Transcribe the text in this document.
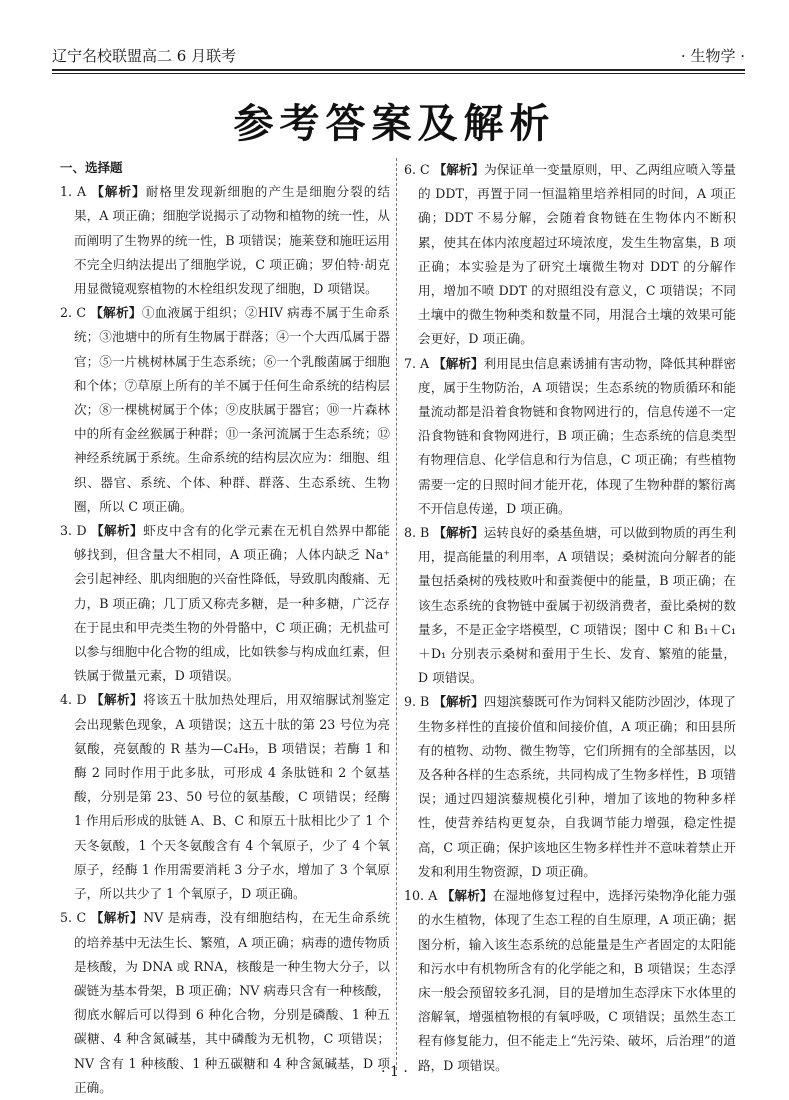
辽宁名校联盟高二 6 月联考	· 生物学 ·
参考答案及解析
一、选择题
1. A 【解析】耐格里发现新细胞的产生是细胞分裂的结果，A 项正确；细胞学说揭示了动物和植物的统一性，从而阐明了生物界的统一性，B 项错误；施莱登和施旺运用不完全归纳法提出了细胞学说，C 项正确；罗伯特·胡克用显微镜观察植物的木栓组织发现了细胞，D 项错误。
2. C 【解析】①血液属于组织；②HIV 病毒不属于生命系统；③池塘中的所有生物属于群落；④一个大西瓜属于器官；⑤一片桃树林属于生态系统；⑥一个乳酸菌属于细胞和个体；⑦草原上所有的羊不属于任何生命系统的结构层次；⑧一棵桃树属于个体；⑨皮肤属于器官；⑩一片森林中的所有金丝猴属于种群；⑪一条河流属于生态系统；⑫神经系统属于系统。生命系统的结构层次应为：细胞、组织、器官、系统、个体、种群、群落、生态系统、生物圈，所以 C 项正确。
3. D 【解析】虾皮中含有的化学元素在无机自然界中都能够找到，但含量大不相同，A 项正确；人体内缺乏 Na⁺ 会引起神经、肌肉细胞的兴奋性降低，导致肌肉酸痛、无力，B 项正确；几丁质又称壳多糖，是一种多糖，广泛存在于昆虫和甲壳类生物的外骨骼中，C 项正确；无机盐可以参与细胞中化合物的组成，比如铁参与构成血红素，但铁属于微量元素，D 项错误。
4. D 【解析】将该五十肽加热处理后，用双缩脲试剂鉴定会出现紫色现象，A 项错误；这五十肽的第 23 号位为亮氨酸，亮氨酸的 R 基为—C₄H₉，B 项错误；若酶 1 和酶 2 同时作用于此多肽，可形成 4 条肽链和 2 个氨基酸，分别是第 23、50 号位的氨基酸，C 项错误；经酶 1 作用后形成的肽链 A、B、C 和原五十肽相比少了 1 个天冬氨酸，1 个天冬氨酸含有 4 个氧原子，少了 4 个氧原子，经酶 1 作用需要消耗 3 分子水，增加了 3 个氧原子，所以共少了 1 个氧原子，D 项正确。
5. C 【解析】NV 是病毒，没有细胞结构，在无生命系统的培养基中无法生长、繁殖，A 项正确；病毒的遗传物质是核酸，为 DNA 或 RNA，核酸是一种生物大分子，以碳链为基本骨架，B 项正确；NV 病毒只含有一种核酸，彻底水解后可以得到 6 种化合物，分别是磷酸、1 种五碳糖、4 种含氮碱基，其中磷酸为无机物，C 项错误；NV 含有 1 种核酸、1 种五碳糖和 4 种含氮碱基，D 项正确。
6. C 【解析】为保证单一变量原则，甲、乙两组应喷入等量的 DDT，再置于同一恒温箱里培养相同的时间，A 项正确；DDT 不易分解，会随着食物链在生物体内不断积累，使其在体内浓度超过环境浓度，发生生物富集，B 项正确；本实验是为了研究土壤微生物对 DDT 的分解作用，增加不喷 DDT 的对照组没有意义，C 项错误；不同土壤中的微生物种类和数量不同，用混合土壤的效果可能会更好，D 项正确。
7. A 【解析】利用昆虫信息素诱捕有害动物，降低其种群密度，属于生物防治，A 项错误；生态系统的物质循环和能量流动都是沿着食物链和食物网进行的，信息传递不一定沿食物链和食物网进行，B 项正确；生态系统的信息类型有物理信息、化学信息和行为信息，C 项正确；有些植物需要一定的日照时间才能开花，体现了生物种群的繁衍离不开信息传递，D 项正确。
8. B 【解析】运转良好的桑基鱼塘，可以做到物质的再生利用，提高能量的利用率，A 项错误；桑树流向分解者的能量包括桑树的残枝败叶和蚕粪便中的能量，B 项正确；在该生态系统的食物链中蚕属于初级消费者，蚕比桑树的数量多，不是正金字塔模型，C 项错误；图中 C 和 B₁＋C₁＋D₁ 分别表示桑树和蚕用于生长、发育、繁殖的能量，D 项错误。
9. B 【解析】四翅滨藜既可作为饲料又能防沙固沙，体现了生物多样性的直接价值和间接价值，A 项正确；和田县所有的植物、动物、微生物等，它们所拥有的全部基因，以及各种各样的生态系统，共同构成了生物多样性，B 项错误；通过四翅滨藜规模化引种，增加了该地的物种多样性，使营养结构更复杂，自我调节能力增强，稳定性提高，C 项正确；保护该地区生物多样性并不意味着禁止开发和利用生物资源，D 项正确。
10. A 【解析】在湿地修复过程中，选择污染物净化能力强的水生植物，体现了生态工程的自生原理，A 项正确；据图分析，输入该生态系统的总能量是生产者固定的太阳能和污水中有机物所含有的化学能之和，B 项错误；生态浮床一般会预留较多孔洞，目的是增加生态浮床下水体里的溶解氧，增强植物根的有氧呼吸，C 项错误；虽然生态工程有修复能力，但不能走上“先污染、破坏，后治理”的道路，D 项错误。
· 1 ·
